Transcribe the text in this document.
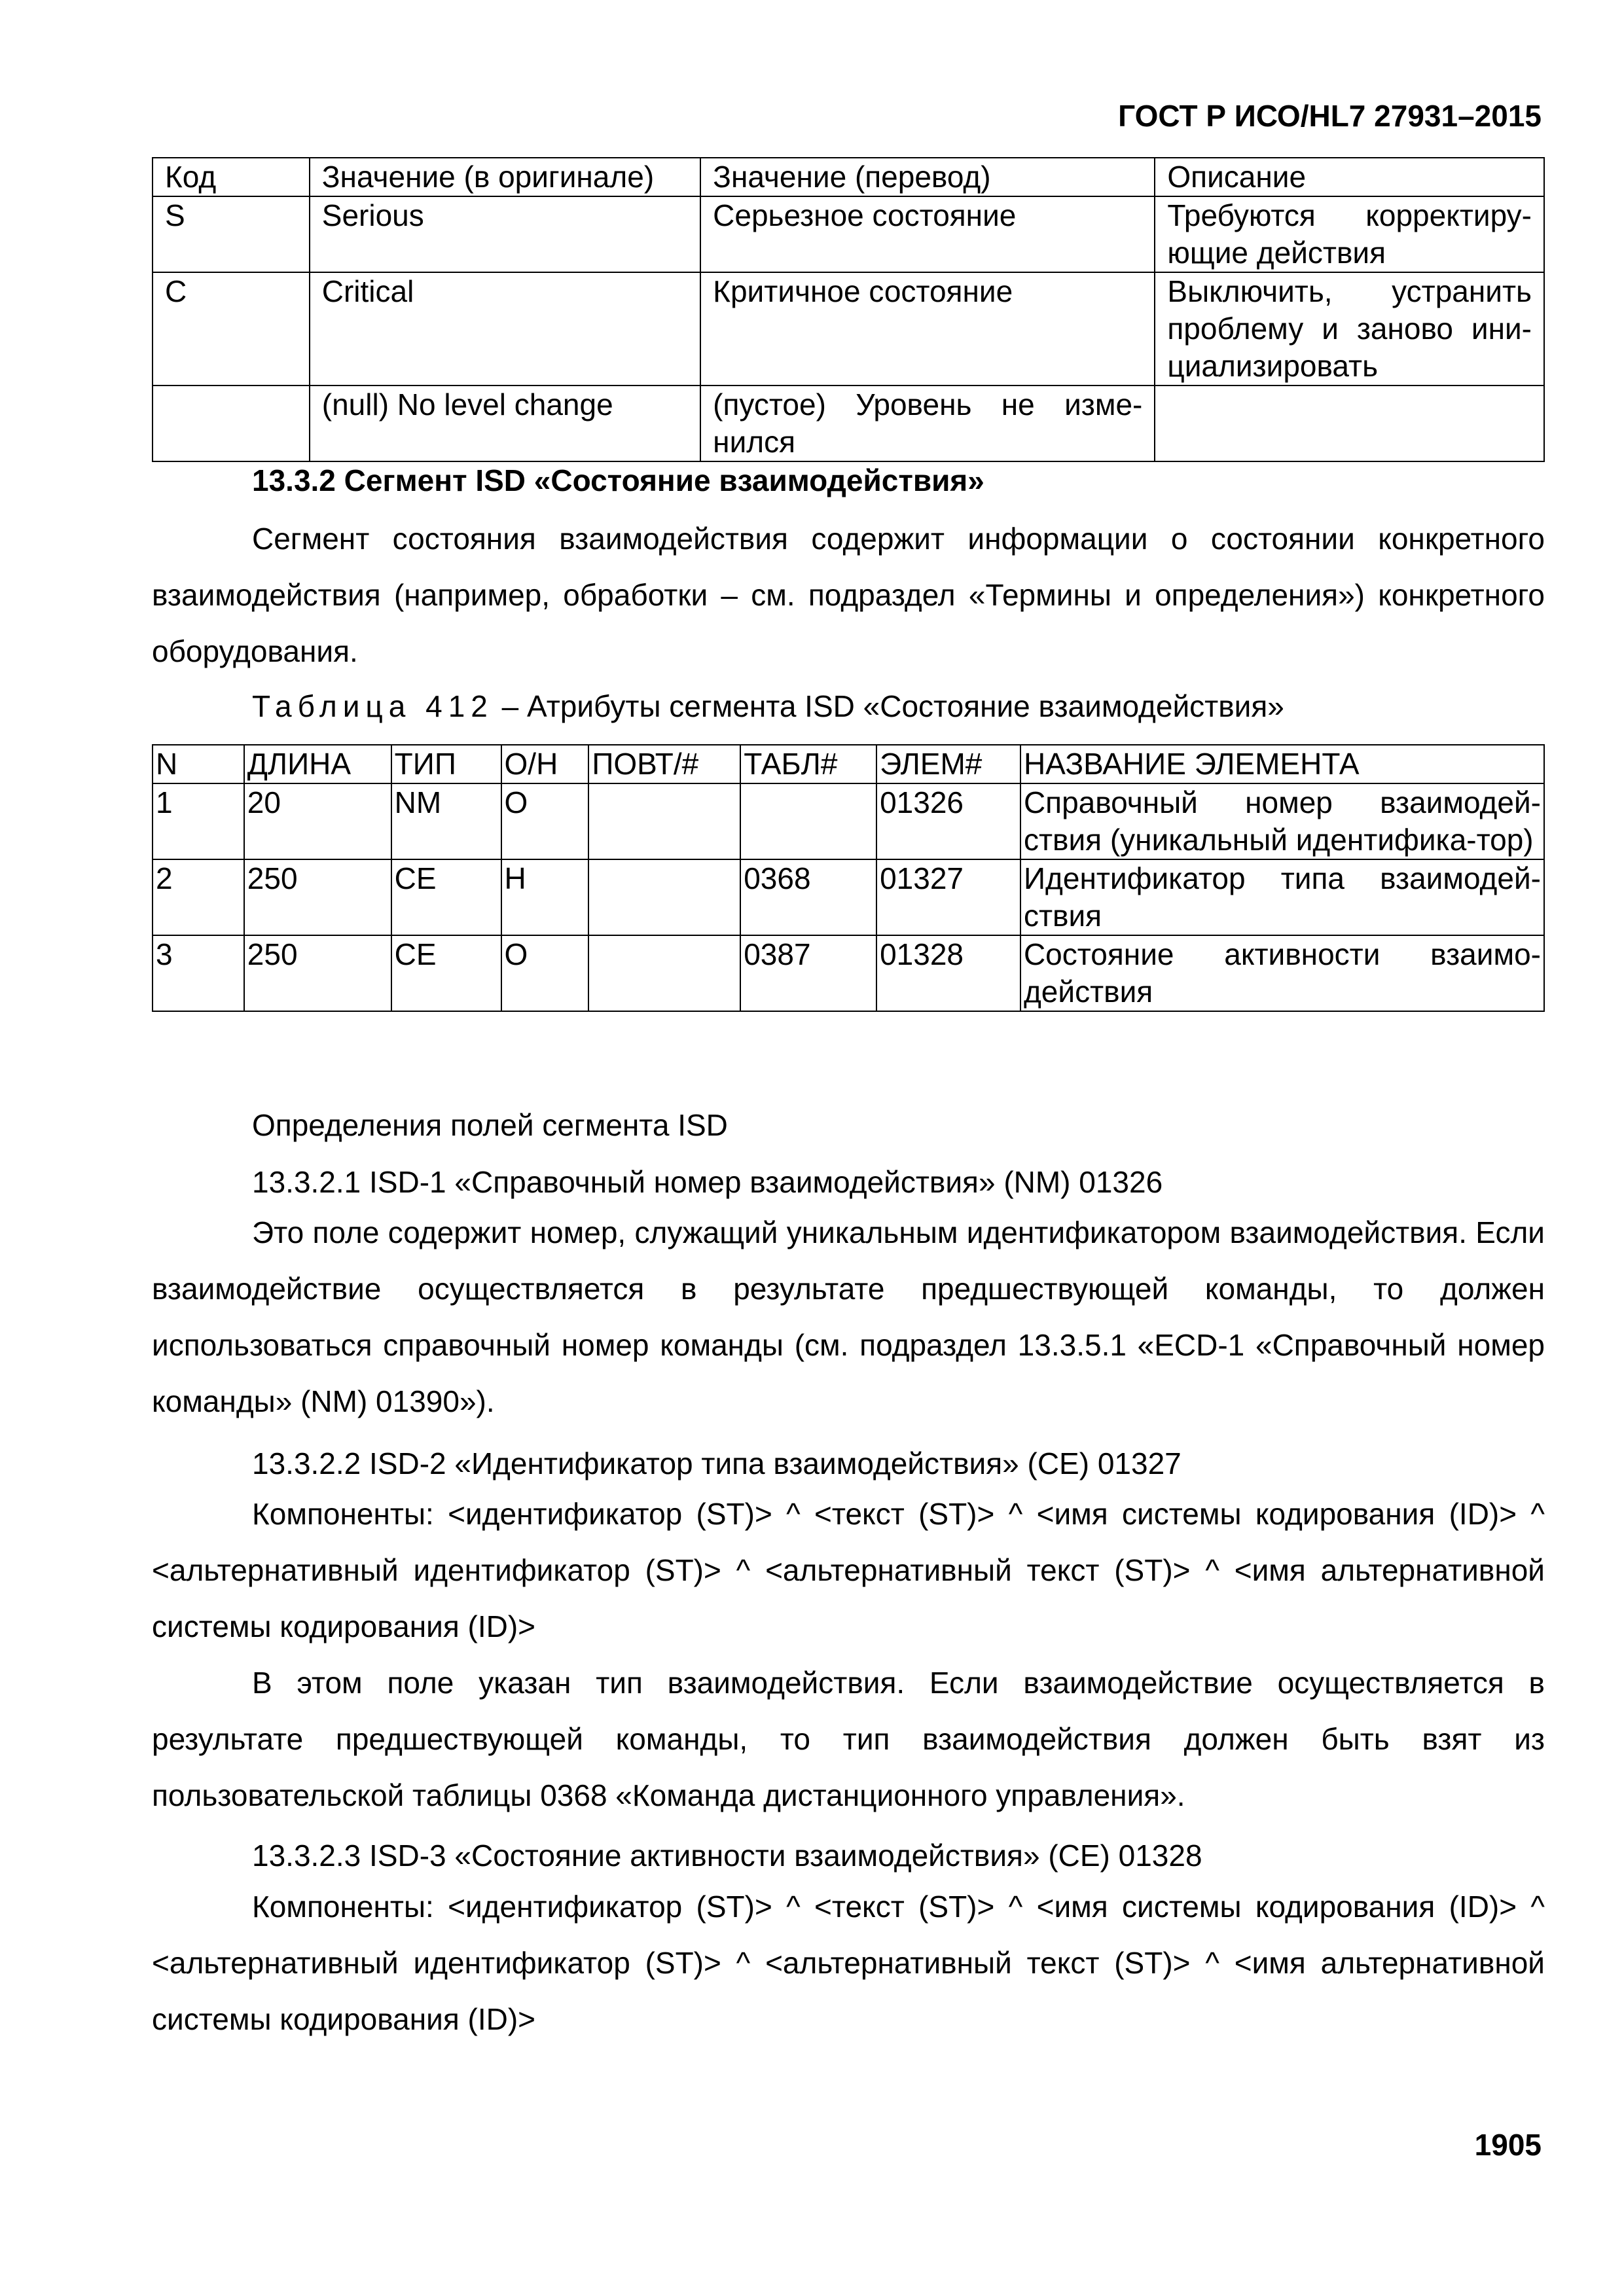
ГОСТ Р ИСО/HL7 27931–2015
Код	Значение (в оригинале)	Значение (перевод)	Описание
S	Serious	Серьезное состояние	Требуются корректиру-ющие действия
C	Critical	Критичное состояние	Выключить, устранить проблему и заново ини-циализировать
	(null) No level change	(пустое) Уровень не изме-нился	
13.3.2 Сегмент ISD «Состояние взаимодействия»
Сегмент состояния взаимодействия содержит информации о состоянии конкретного взаимодействия (например, обработки – см. подраздел «Термины и определения») конкретного оборудования.
Таблица 412 – Атрибуты сегмента ISD «Состояние взаимодействия»
N	ДЛИНА	ТИП	О/Н	ПОВТ/#	ТАБЛ#	ЭЛЕМ#	НАЗВАНИЕ ЭЛЕМЕНТА
1	20	NM	O			01326	Справочный номер взаимодей-ствия (уникальный идентифика-тор)
2	250	CE	Н		0368	01327	Идентификатор типа взаимодей-ствия
3	250	CE	O		0387	01328	Состояние активности взаимо-действия
Определения полей сегмента ISD
13.3.2.1 ISD-1 «Справочный номер взаимодействия» (NM) 01326
Это поле содержит номер, служащий уникальным идентификатором взаимодействия. Если взаимодействие осуществляется в результате предшествующей команды, то должен использоваться справочный номер команды (см. подраздел 13.3.5.1 «ECD-1 «Справочный номер команды» (NM) 01390»).
13.3.2.2 ISD-2 «Идентификатор типа взаимодействия» (CE) 01327
Компоненты: <идентификатор (ST)> ^ <текст (ST)> ^ <имя системы кодирования (ID)> ^ <альтернативный идентификатор (ST)> ^ <альтернативный текст (ST)> ^ <имя альтернативной системы кодирования (ID)>
В этом поле указан тип взаимодействия. Если взаимодействие осуществляется в результате предшествующей команды, то тип взаимодействия должен быть взят из пользовательской таблицы 0368 «Команда дистанционного управления».
13.3.2.3 ISD-3 «Состояние активности взаимодействия» (CE) 01328
Компоненты: <идентификатор (ST)> ^ <текст (ST)> ^ <имя системы кодирования (ID)> ^ <альтернативный идентификатор (ST)> ^ <альтернативный текст (ST)> ^ <имя альтернативной системы кодирования (ID)>
1905
